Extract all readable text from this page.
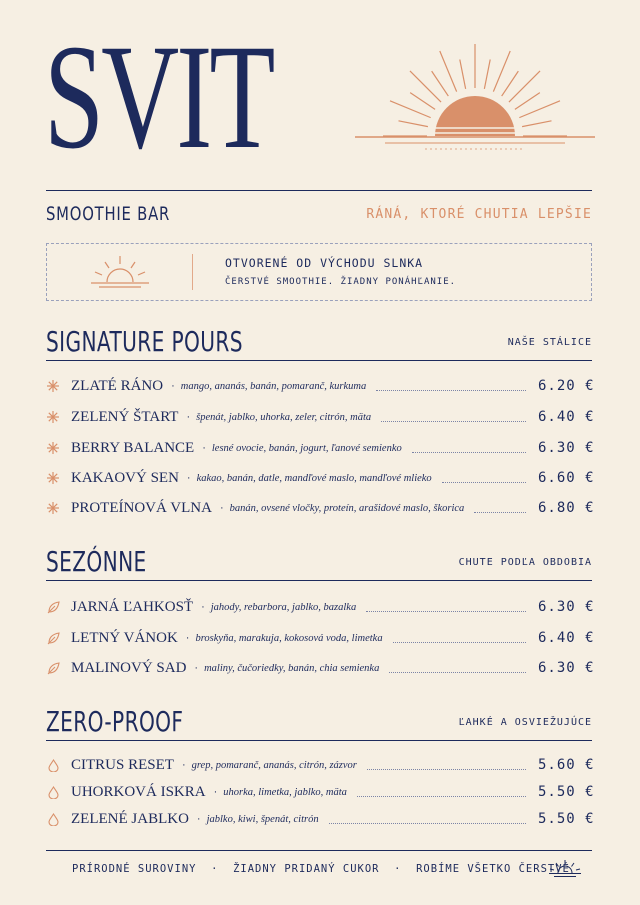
SVIT
SMOOTHIE BAR	RÁNÁ, KTORÉ CHUTIA LEPŠIE
OTVORENÉ OD VÝCHODU SLNKA
ČERSTVÉ SMOOTHIE. ŽIADNY PONÁHĽANIE.
SIGNATURE POURS	NAŠE STÁLICE
ZLATÉ RÁNO · mango, ananás, banán, pomaranč, kurkuma	6.20 €
ZELENÝ ŠTART · špenát, jablko, uhorka, zeler, citrón, mäta	6.40 €
BERRY BALANCE · lesné ovocie, banán, jogurt, ľanové semienko	6.30 €
KAKAOVÝ SEN · kakao, banán, datle, mandľové maslo, mandľové mlieko	6.60 €
PROTEÍNOVÁ VLNA · banán, ovsené vločky, proteín, arašidové maslo, škorica	6.80 €
SEZÓNNE	CHUTE PODĽA OBDOBIA
JARNÁ ĽAHKOSŤ · jahody, rebarbora, jablko, bazalka	6.30 €
LETNÝ VÁNOK · broskyňa, marakuja, kokosová voda, limetka	6.40 €
MALINOVÝ SAD · maliny, čučoriedky, banán, chia semienka	6.30 €
ZERO-PROOF	ĽAHKÉ A OSVIEŽUJÚCE
CITRUS RESET · grep, pomaranč, ananás, citrón, zázvor	5.60 €
UHORKOVÁ ISKRA · uhorka, limetka, jablko, mäta	5.50 €
ZELENÉ JABLKO · jablko, kiwi, špenát, citrón	5.50 €
PRÍRODNÉ SUROVINY  ·  ŽIADNY PRIDANÝ CUKOR  ·  ROBÍME VŠETKO ČERSTVÉ
